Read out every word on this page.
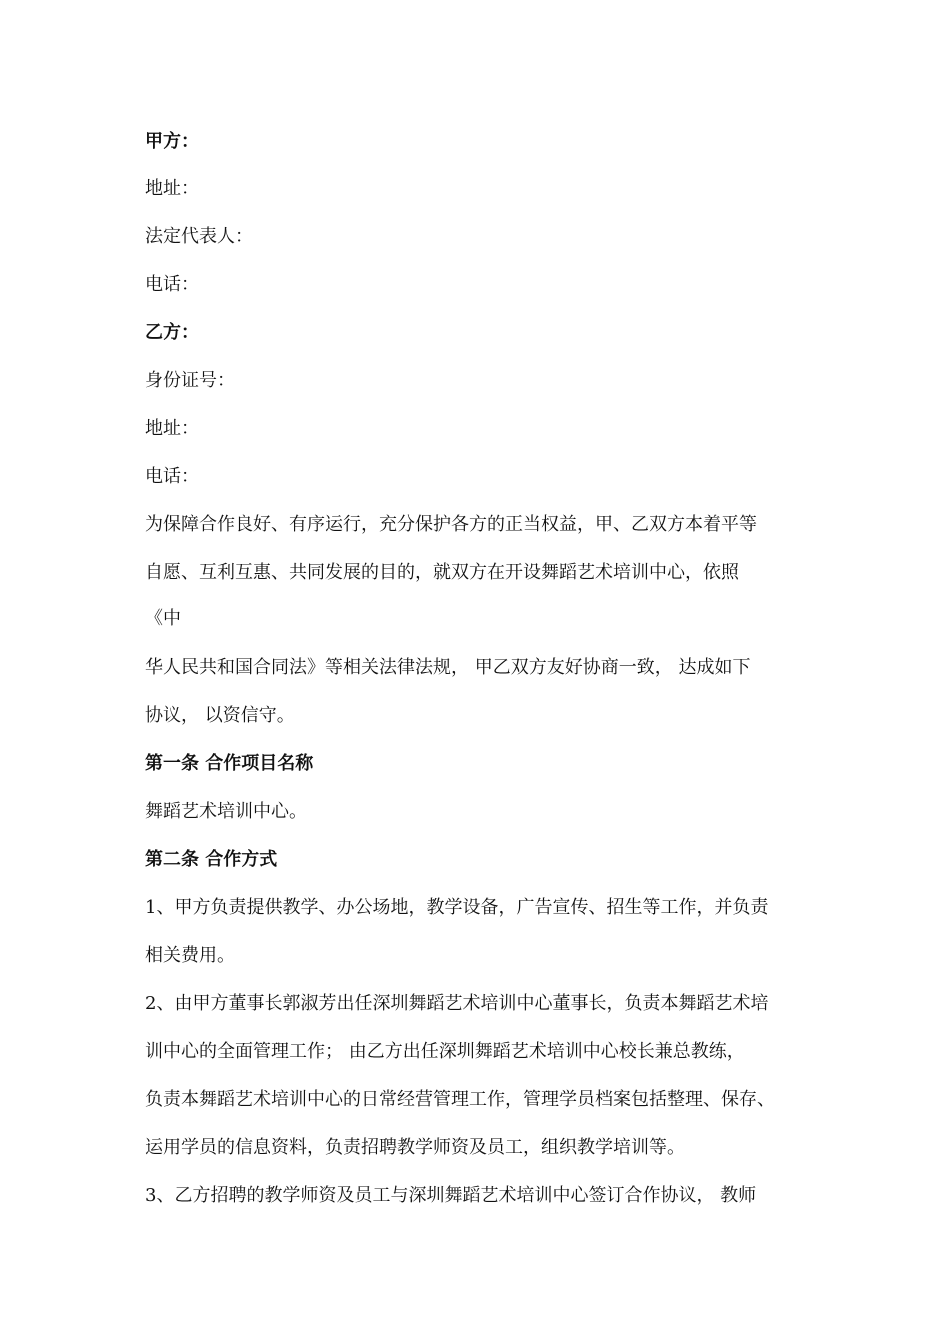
甲方：
地址：
法定代表人：
电话：
乙方：
身份证号：
地址：
电话：
为保障合作良好、有序运行，充分保护各方的正当权益，甲、乙双方本着平等
自愿、互利互惠、共同发展的目的，就双方在开设舞蹈艺术培训中心，依照
《中
华人民共和国合同法》等相关法律法规， 甲乙双方友好协商一致， 达成如下
协议， 以资信守。
第一条 合作项目名称
舞蹈艺术培训中心。
第二条 合作方式
1、甲方负责提供教学、办公场地，教学设备，广告宣传、招生等工作，并负责
相关费用。
2、由甲方董事长郭淑芳出任深圳舞蹈艺术培训中心董事长，负责本舞蹈艺术培
训中心的全面管理工作； 由乙方出任深圳舞蹈艺术培训中心校长兼总教练，
负责本舞蹈艺术培训中心的日常经营管理工作，管理学员档案包括整理、保存、
运用学员的信息资料，负责招聘教学师资及员工，组织教学培训等。
3、乙方招聘的教学师资及员工与深圳舞蹈艺术培训中心签订合作协议， 教师
